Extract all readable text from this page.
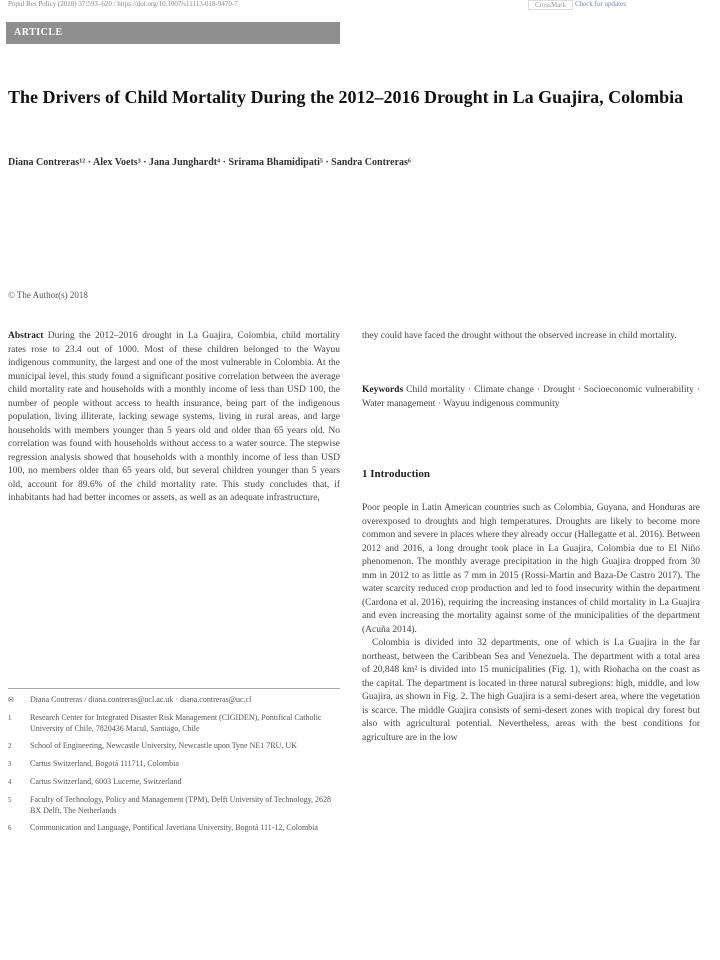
Popul Res Policy (2018) 37:593–620 / https://doi.org/10.1007/s11113-018-9470-7	CrossMark	Check for updates
ARTICLE
The Drivers of Child Mortality During the 2012–2016 Drought in La Guajira, Colombia
Diana Contreras¹² · Alex Voets³ · Jana Junghardt⁴ · Srirama Bhamidipati⁵ · Sandra Contreras⁶
© The Author(s) 2018
Abstract During the 2012–2016 drought in La Guajira, Colombia, child mortality rates rose to 23.4 out of 1000. Most of these children belonged to the Wayuu indigenous community, the largest and one of the most vulnerable in Colombia. At the municipal level, this study found a significant positive correlation between the average child mortality rate and households with a monthly income of less than USD 100, the number of people without access to health insurance, being part of the indigenous population, living illiterate, lacking sewage systems, living in rural areas, and large households with members younger than 5 years old and older than 65 years old. No correlation was found with households without access to a water source. The stepwise regression analysis showed that households with a monthly income of less than USD 100, no members older than 65 years old, but several children younger than 5 years old, account for 89.6% of the child mortality rate. This study concludes that, if inhabitants had had better incomes or assets, as well as an adequate infrastructure,
they could have faced the drought without the observed increase in child mortality.
Keywords Child mortality · Climate change · Drought · Socioeconomic vulnerability · Water management · Wayuu indigenous community
1 Introduction
Poor people in Latin American countries such as Colombia, Guyana, and Honduras are overexposed to droughts and high temperatures. Droughts are likely to become more common and severe in places where they already occur (Hallegatte et al. 2016). Between 2012 and 2016, a long drought took place in La Guajira, Colombia due to El Niño phenomenon. The monthly average precipitation in the high Guajira dropped from 30 mm in 2012 to as little as 7 mm in 2015 (Rossi-Martin and Baza-De Castro 2017). The water scarcity reduced crop production and led to food insecurity within the department (Cardona et al. 2016), requiring the increasing instances of child mortality in La Guajira and even increasing the mortality against some of the municipalities of the department (Acuña 2014).
Colombia is divided into 32 departments, one of which is La Guajira in the far northeast, between the Caribbean Sea and Venezuela. The department with a total area of 20,848 km² is divided into 15 municipalities (Fig. 1), with Riohacha on the coast as the capital. The department is located in three natural subregions: high, middle, and low Guajira, as shown in Fig. 2. The high Guajira is a semi-desert area, where the vegetation is scarce. The middle Guajira consists of semi-desert zones with tropical dry forest but also with agricultural potential. Nevertheless, areas with the best conditions for agriculture are in the low
✉	Diana Contreras / diana.contreras@ucl.ac.uk · diana.contreras@uc.cl
1	Research Center for Integrated Disaster Risk Management (CIGIDEN), Pontifical Catholic University of Chile, 7820436 Macul, Santiago, Chile
2	School of Engineering, Newcastle University, Newcastle upon Tyne NE1 7RU, UK
3	Cartus Switzerland, Bogotá 111711, Colombia
4	Cartus Switzerland, 6003 Lucerne, Switzerland
5	Faculty of Technology, Policy and Management (TPM), Delft University of Technology, 2628 BX Delft, The Netherlands
6	Communication and Language, Pontifical Javeriana University, Bogotá 111-12, Colombia
